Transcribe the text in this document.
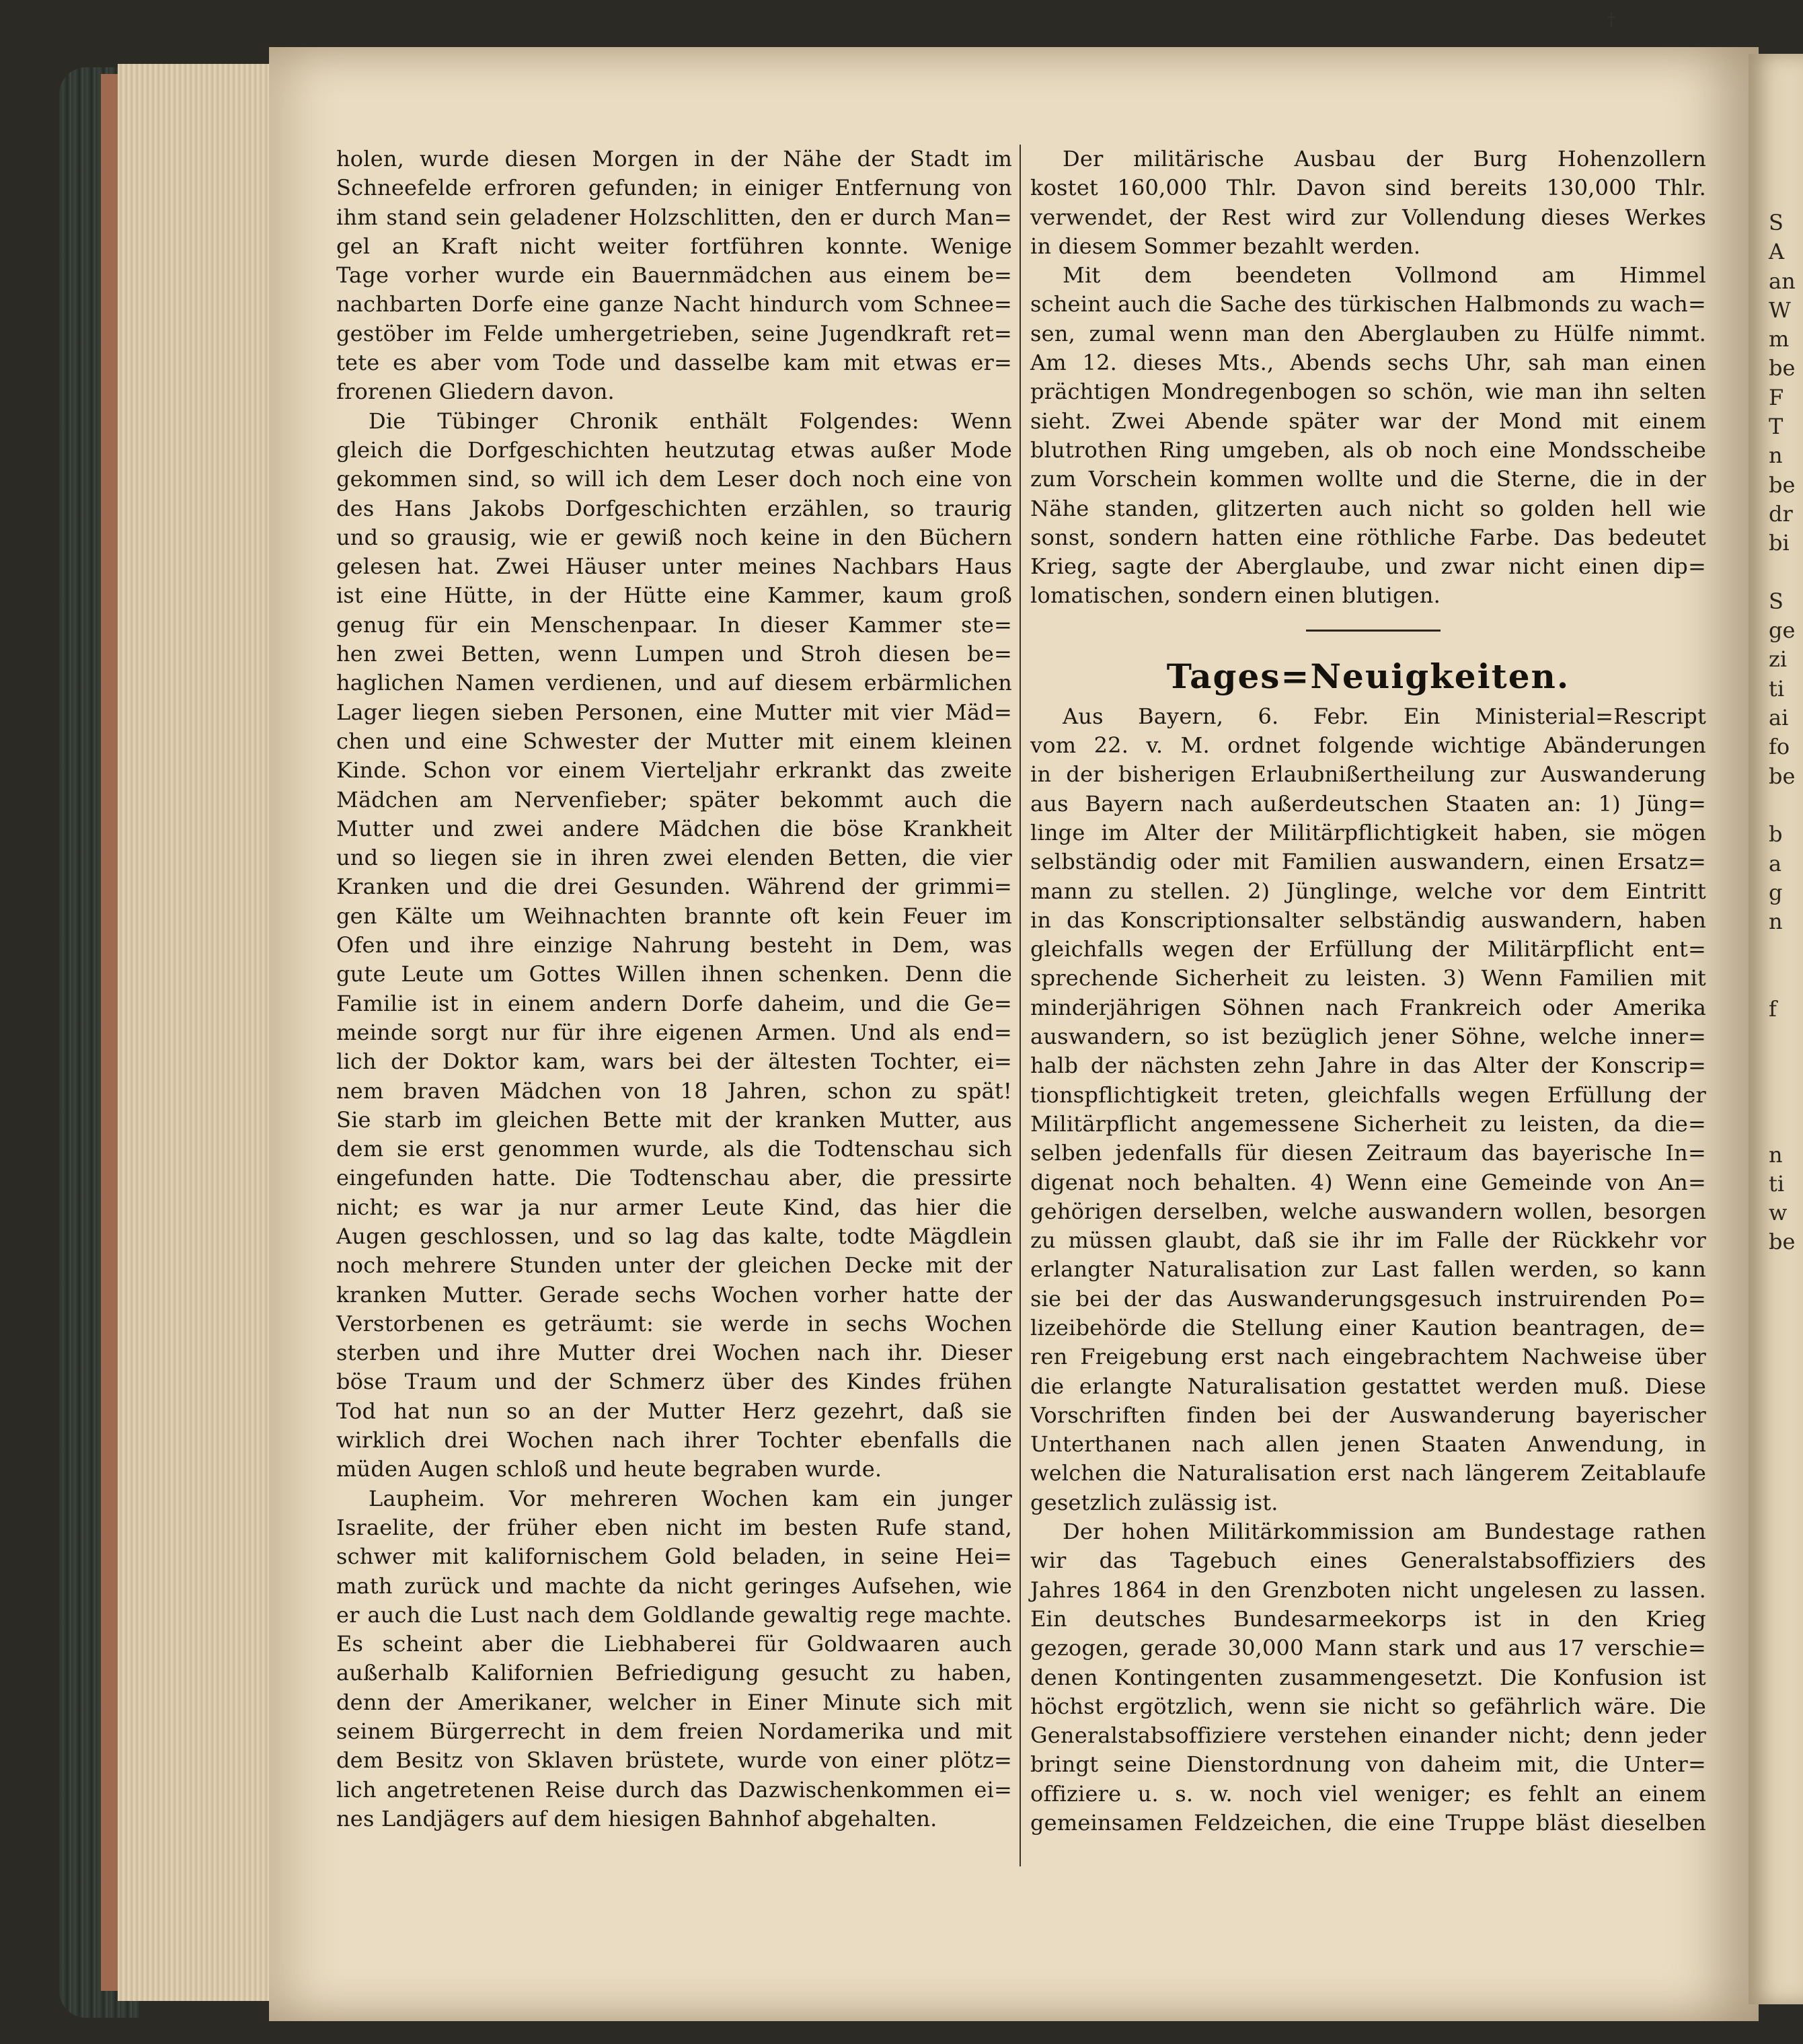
†

holen, wurde diesen Morgen in der Nähe der Stadt im

Schneefelde erfroren gefunden; in einiger Entfernung von

ihm stand sein geladener Holzschlitten, den er durch Man=

gel an Kraft nicht weiter fortführen konnte. Wenige

Tage vorher wurde ein Bauernmädchen aus einem be=

nachbarten Dorfe eine ganze Nacht hindurch vom Schnee=

gestöber im Felde umhergetrieben, seine Jugendkraft ret=

tete es aber vom Tode und dasselbe kam mit etwas er=

frorenen Gliedern davon.

Die Tübinger Chronik enthält Folgendes: Wenn

gleich die Dorfgeschichten heutzutag etwas außer Mode

gekommen sind, so will ich dem Leser doch noch eine von

des Hans Jakobs Dorfgeschichten erzählen, so traurig

und so grausig, wie er gewiß noch keine in den Büchern

gelesen hat. Zwei Häuser unter meines Nachbars Haus

ist eine Hütte, in der Hütte eine Kammer, kaum groß

genug für ein Menschenpaar. In dieser Kammer ste=

hen zwei Betten, wenn Lumpen und Stroh diesen be=

haglichen Namen verdienen, und auf diesem erbärmlichen

Lager liegen sieben Personen, eine Mutter mit vier Mäd=

chen und eine Schwester der Mutter mit einem kleinen

Kinde. Schon vor einem Vierteljahr erkrankt das zweite

Mädchen am Nervenfieber; später bekommt auch die

Mutter und zwei andere Mädchen die böse Krankheit

und so liegen sie in ihren zwei elenden Betten, die vier

Kranken und die drei Gesunden. Während der grimmi=

gen Kälte um Weihnachten brannte oft kein Feuer im

Ofen und ihre einzige Nahrung besteht in Dem, was

gute Leute um Gottes Willen ihnen schenken. Denn die

Familie ist in einem andern Dorfe daheim, und die Ge=

meinde sorgt nur für ihre eigenen Armen. Und als end=

lich der Doktor kam, wars bei der ältesten Tochter, ei=

nem braven Mädchen von 18 Jahren, schon zu spät!

Sie starb im gleichen Bette mit der kranken Mutter, aus

dem sie erst genommen wurde, als die Todtenschau sich

eingefunden hatte. Die Todtenschau aber, die pressirte

nicht; es war ja nur armer Leute Kind, das hier die

Augen geschlossen, und so lag das kalte, todte Mägdlein

noch mehrere Stunden unter der gleichen Decke mit der

kranken Mutter. Gerade sechs Wochen vorher hatte der

Verstorbenen es geträumt: sie werde in sechs Wochen

sterben und ihre Mutter drei Wochen nach ihr. Dieser

böse Traum und der Schmerz über des Kindes frühen

Tod hat nun so an der Mutter Herz gezehrt, daß sie

wirklich drei Wochen nach ihrer Tochter ebenfalls die

müden Augen schloß und heute begraben wurde.

Laupheim. Vor mehreren Wochen kam ein junger

Israelite, der früher eben nicht im besten Rufe stand,

schwer mit kalifornischem Gold beladen, in seine Hei=

math zurück und machte da nicht geringes Aufsehen, wie

er auch die Lust nach dem Goldlande gewaltig rege machte.

Es scheint aber die Liebhaberei für Goldwaaren auch

außerhalb Kalifornien Befriedigung gesucht zu haben,

denn der Amerikaner, welcher in Einer Minute sich mit

seinem Bürgerrecht in dem freien Nordamerika und mit

dem Besitz von Sklaven brüstete, wurde von einer plötz=

lich angetretenen Reise durch das Dazwischenkommen ei=

nes Landjägers auf dem hiesigen Bahnhof abgehalten.

Der militärische Ausbau der Burg Hohenzollern

kostet 160,000 Thlr. Davon sind bereits 130,000 Thlr.

verwendet, der Rest wird zur Vollendung dieses Werkes

in diesem Sommer bezahlt werden.

Mit dem beendeten Vollmond am Himmel

scheint auch die Sache des türkischen Halbmonds zu wach=

sen, zumal wenn man den Aberglauben zu Hülfe nimmt.

Am 12. dieses Mts., Abends sechs Uhr, sah man einen

prächtigen Mondregenbogen so schön, wie man ihn selten

sieht. Zwei Abende später war der Mond mit einem

blutrothen Ring umgeben, als ob noch eine Mondsscheibe

zum Vorschein kommen wollte und die Sterne, die in der

Nähe standen, glitzerten auch nicht so golden hell wie

sonst, sondern hatten eine röthliche Farbe. Das bedeutet

Krieg, sagte der Aberglaube, und zwar nicht einen dip=

lomatischen, sondern einen blutigen.

Tages=Neuigkeiten.

Aus Bayern, 6. Febr. Ein Ministerial=Rescript

vom 22. v. M. ordnet folgende wichtige Abänderungen

in der bisherigen Erlaubnißertheilung zur Auswanderung

aus Bayern nach außerdeutschen Staaten an: 1) Jüng=

linge im Alter der Militärpflichtigkeit haben, sie mögen

selbständig oder mit Familien auswandern, einen Ersatz=

mann zu stellen. 2) Jünglinge, welche vor dem Eintritt

in das Konscriptionsalter selbständig auswandern, haben

gleichfalls wegen der Erfüllung der Militärpflicht ent=

sprechende Sicherheit zu leisten. 3) Wenn Familien mit

minderjährigen Söhnen nach Frankreich oder Amerika

auswandern, so ist bezüglich jener Söhne, welche inner=

halb der nächsten zehn Jahre in das Alter der Konscrip=

tionspflichtigkeit treten, gleichfalls wegen Erfüllung der

Militärpflicht angemessene Sicherheit zu leisten, da die=

selben jedenfalls für diesen Zeitraum das bayerische In=

digenat noch behalten. 4) Wenn eine Gemeinde von An=

gehörigen derselben, welche auswandern wollen, besorgen

zu müssen glaubt, daß sie ihr im Falle der Rückkehr vor

erlangter Naturalisation zur Last fallen werden, so kann

sie bei der das Auswanderungsgesuch instruirenden Po=

lizeibehörde die Stellung einer Kaution beantragen, de=

ren Freigebung erst nach eingebrachtem Nachweise über

die erlangte Naturalisation gestattet werden muß. Diese

Vorschriften finden bei der Auswanderung bayerischer

Unterthanen nach allen jenen Staaten Anwendung, in

welchen die Naturalisation erst nach längerem Zeitablaufe

gesetzlich zulässig ist.

Der hohen Militärkommission am Bundestage rathen

wir das Tagebuch eines Generalstabsoffiziers des

Jahres 1864 in den Grenzboten nicht ungelesen zu lassen.

Ein deutsches Bundesarmeekorps ist in den Krieg

gezogen, gerade 30,000 Mann stark und aus 17 verschie=

denen Kontingenten zusammengesetzt. Die Konfusion ist

höchst ergötzlich, wenn sie nicht so gefährlich wäre. Die

Generalstabsoffiziere verstehen einander nicht; denn jeder

bringt seine Dienstordnung von daheim mit, die Unter=

offiziere u. s. w. noch viel weniger; es fehlt an einem

gemeinsamen Feldzeichen, die eine Truppe bläst dieselben

S
A
an
W
m
be
F
T
n
be
dr
bi

S
ge
zi
ti
ai
fo
be

b
a
g
n

f

n
ti
w
be
